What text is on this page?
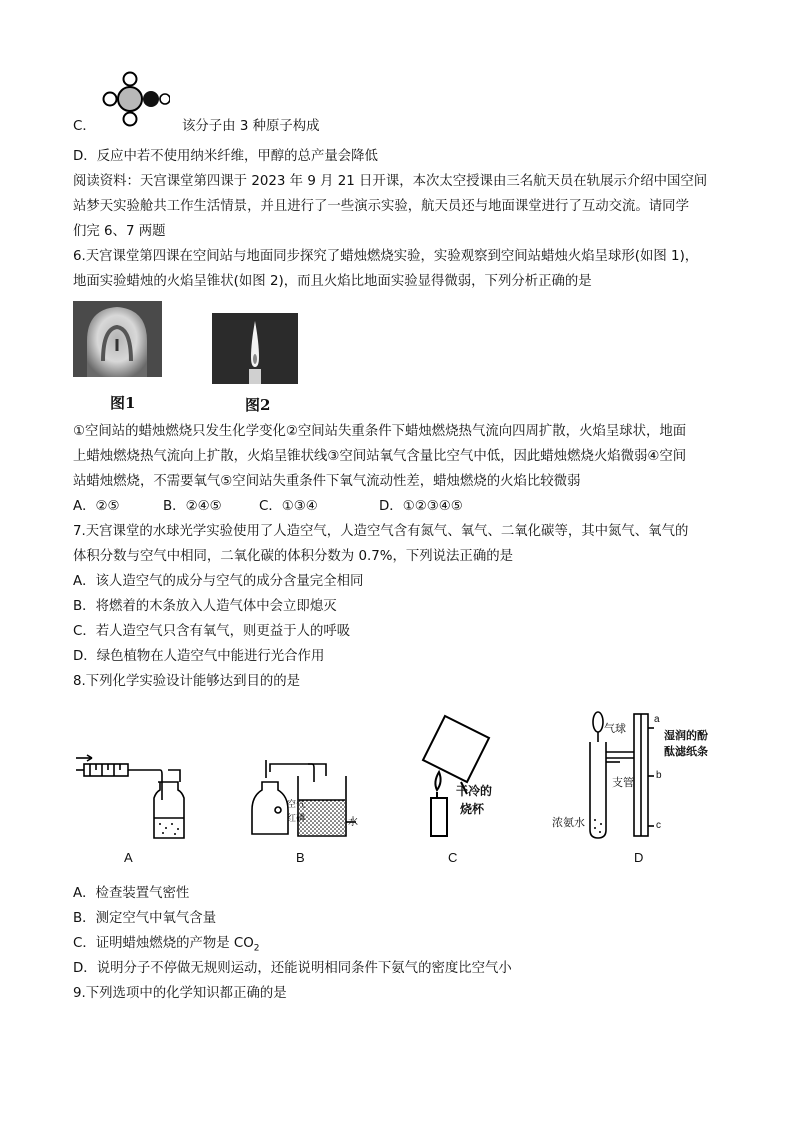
C．	该分子由 3 种原子构成
D．反应中若不使用纳米纤维，甲醇的总产量会降低
阅读资料：天宫课堂第四课于 2023 年 9 月 21 日开课，本次太空授课由三名航天员在轨展示介绍中国空间
站梦天实验舱共工作生活情景，并且进行了一些演示实验，航天员还与地面课堂进行了互动交流。请同学
们完 6、7 两题
6.天宫课堂第四课在空间站与地面同步探究了蜡烛燃烧实验，实验观察到空间站蜡烛火焰呈球形(如图 1)，
地面实验蜡烛的火焰呈锥状(如图 2)，而且火焰比地面实验显得微弱，下列分析正确的是
图1	图2
①空间站的蜡烛燃烧只发生化学变化②空间站失重条件下蜡烛燃烧热气流向四周扩散，火焰呈球状，地面
上蜡烛燃烧热气流向上扩散，火焰呈锥状线③空间站氧气含量比空气中低，因此蜡烛燃烧火焰微弱④空间
站蜡烛燃烧，不需要氧气⑤空间站失重条件下氧气流动性差，蜡烛燃烧的火焰比较微弱
A．②⑤	B．②④⑤	C．①③④	D．①②③④⑤
7.天宫课堂的水球光学实验使用了人造空气，人造空气含有氮气、氧气、二氧化碳等，其中氮气、氧气的
体积分数与空气中相同，二氧化碳的体积分数为 0.7%，下列说法正确的是
A．该人造空气的成分与空气的成分含量完全相同
B．将燃着的木条放入人造气体中会立即熄灭
C．若人造空气只含有氧气，则更益于人的呼吸
D．绿色植物在人造空气中能进行光合作用
8.下列化学实验设计能够达到目的的是
A
空气
红磷	水
B
干冷的
烧杯
C
气球
a
湿润的酚
酞滤纸条
支管
b
浓氨水	c
D
A．检查装置气密性
B．测定空气中氧气含量
C．证明蜡烛燃烧的产物是 $CO_2$
D．说明分子不停做无规则运动，还能说明相同条件下氨气的密度比空气小
9.下列选项中的化学知识都正确的是
